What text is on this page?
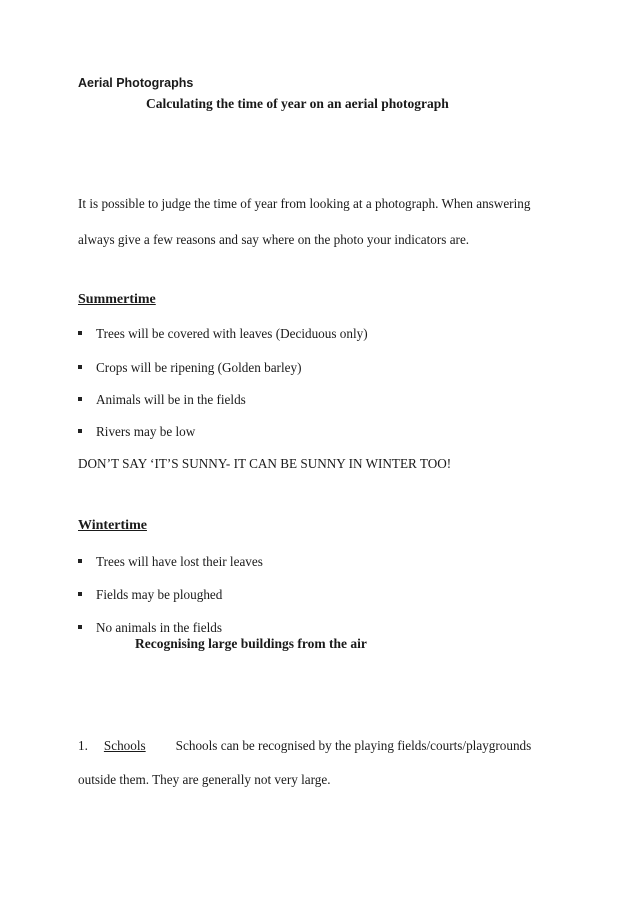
Aerial Photographs
Calculating the time of year on an aerial photograph
It is possible to judge the time of year from looking at a photograph. When answering
always give a few reasons and say where on the photo your indicators are.
Summertime
Trees will be covered with leaves (Deciduous only)
Crops will be ripening (Golden barley)
Animals will be in the fields
Rivers may be low
DON’T SAY ‘IT’S SUNNY- IT CAN BE SUNNY IN WINTER TOO!
Wintertime
Trees will have lost their leaves
Fields may be ploughed
No animals in the fields
Recognising large buildings from the air
1. Schools Schools can be recognised by the playing fields/courts/playgrounds
outside them. They are generally not very large.
